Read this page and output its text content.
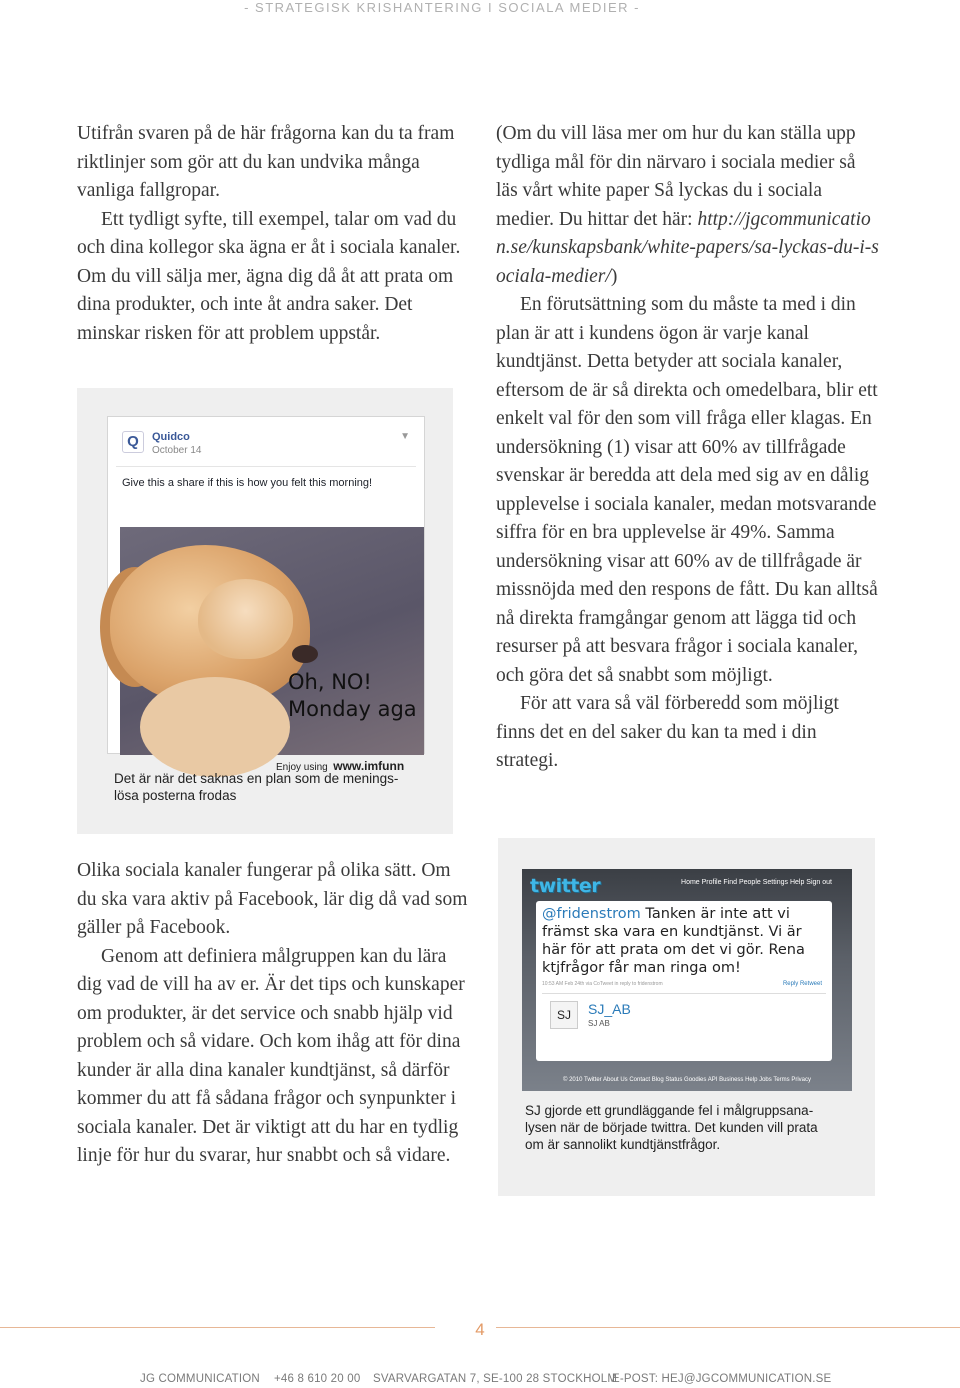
- STRATEGISK KRISHANTERING I SOCIALA MEDIER -

Utifrån svaren på de här frågorna kan du ta fram riktlinjer som gör att du kan undvika många vanliga fallgropar.

Ett tydligt syfte, till exempel, talar om vad du och dina kollegor ska ägna er åt i sociala kanaler. Om du vill sälja mer, ägna dig då åt att prata om dina produkter, och inte åt andra saker. Det minskar risken för att problem uppstår.

(Om du vill läsa mer om hur du kan ställa upp tydliga mål för din närvaro i sociala medier så läs vårt white paper Så lyckas du i sociala medier. Du hittar det här: http://jgcommunication.se/kunskapsbank/white-papers/sa-lyckas-du-i-sociala-medier/)

En förutsättning som du måste ta med i din plan är att i kundens ögon är varje kanal kundtjänst. Detta betyder att sociala kanaler, eftersom de är så direkta och omedelbara, blir ett enkelt val för den som vill fråga eller klagas. En undersökning (1) visar att 60% av tillfrågade svenskar är beredda att dela med sig av en dålig upplevelse i sociala kanaler, medan motsvarande siffra för en bra upplevelse är 49%. Samma undersökning visar att 60% av de tillfrågade är missnöjda med den respons de fått. Du kan alltså nå direkta framgångar genom att lägga tid och resurser på att besvara frågor i sociala kanaler, och göra det så snabbt som möjligt.

För att vara så väl förberedd som möjligt finns det en del saker du kan ta med i din strategi.

Q	Quidco
October 14
▼
Give this a share if this is how you felt this morning!
Oh, NO!
Monday aga
Enjoy using www.imfunn
Det är när det saknas en plan som de menings-lösa posterna frodas

Olika sociala kanaler fungerar på olika sätt. Om du ska vara aktiv på Facebook, lär dig då vad som gäller på Facebook.

Genom att definiera målgruppen kan du lära dig vad de vill ha av er. Är det tips och kunskaper om produkter, är det service och snabb hjälp vid problem och så vidare. Och kom ihåg att för dina kunder är alla dina kanaler kundtjänst, så därför kommer du att få sådana frågor och synpunkter i sociala kanaler. Det är viktigt att du har en tydlig linje för hur du svarar, hur snabbt och så vidare.

twitter	Home Profile Find People Settings Help Sign out
@fridenstrom Tanken är inte att vi främst ska vara en kundtjänst. Vi är här för att prata om det vi gör. Rena ktjfrågor får man ringa om!
10:53 AM Feb 24th via CoTweet in reply to fridenstrom	Reply Retweet
SJ	SJ_AB
SJ AB
© 2010 Twitter About Us Contact Blog Status Goodies API Business Help Jobs Terms Privacy
SJ gjorde ett grundläggande fel i målgruppsana-lysen när de började twittra. Det kunden vill prata om är sannolikt kundtjänstfrågor.
4
JG COMMUNICATION +46 8 610 20 00 SVARVARGATAN 7, SE-100 28 STOCKHOLM
E-POST: HEJ@JGCOMMUNICATION.SE
